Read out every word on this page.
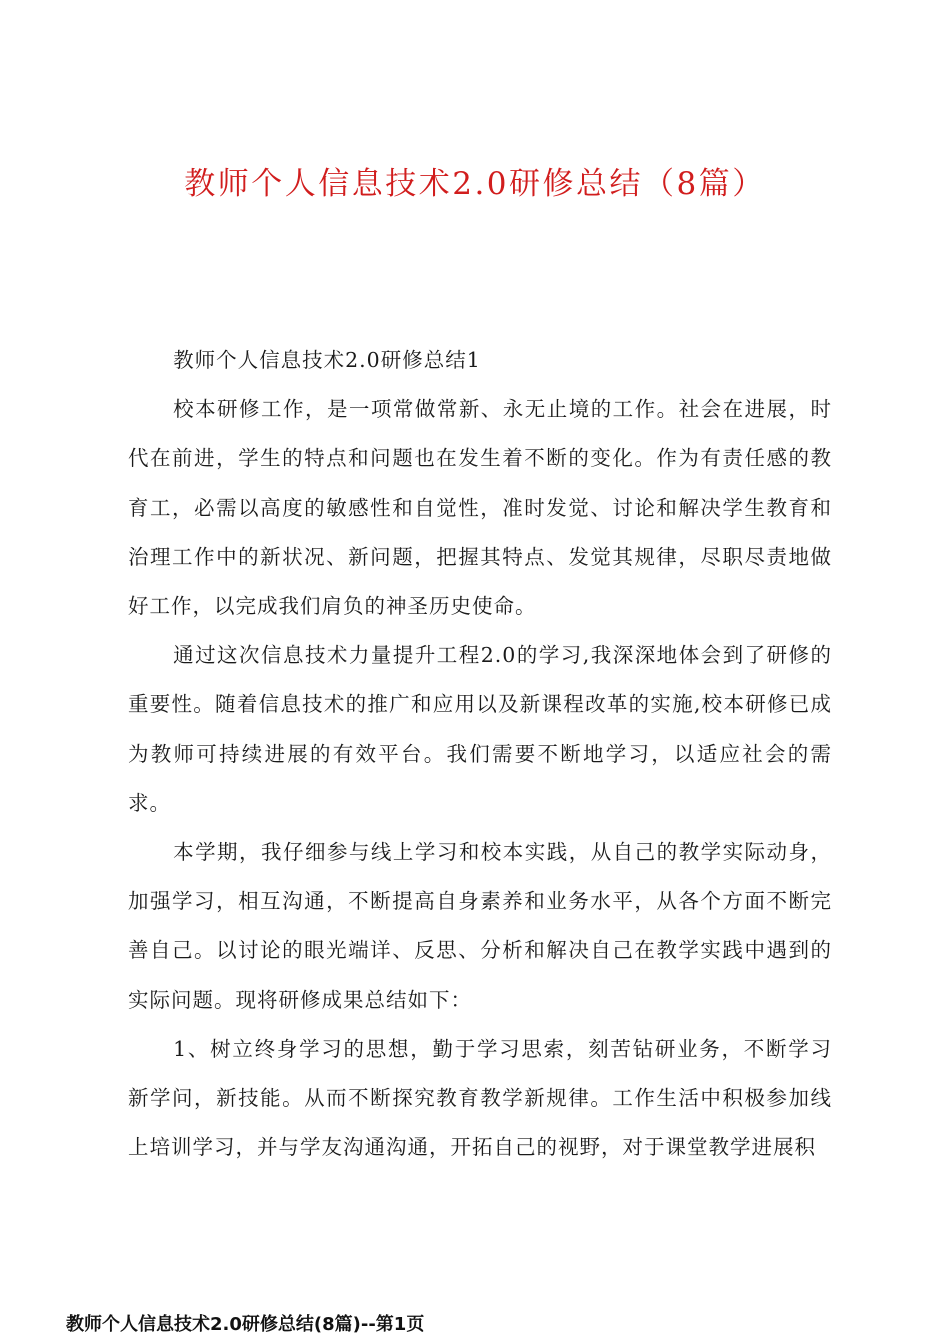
教师个人信息技术2.0研修总结（8篇）

教师个人信息技术2.0研修总结1

校本研修工作，是一项常做常新、永无止境的工作。社会在进展，时代在前进，学生的特点和问题也在发生着不断的变化。作为有责任感的教育工，必需以高度的敏感性和自觉性，准时发觉、讨论和解决学生教育和治理工作中的新状况、新问题，把握其特点、发觉其规律，尽职尽责地做好工作，以完成我们肩负的神圣历史使命。

通过这次信息技术力量提升工程2.0的学习,我深深地体会到了研修的重要性。随着信息技术的推广和应用以及新课程改革的实施,校本研修已成为教师可持续进展的有效平台。我们需要不断地学习，以适应社会的需求。

本学期，我仔细参与线上学习和校本实践，从自己的教学实际动身，加强学习，相互沟通，不断提高自身素养和业务水平，从各个方面不断完善自己。以讨论的眼光端详、反思、分析和解决自己在教学实践中遇到的实际问题。现将研修成果总结如下：

1、树立终身学习的思想，勤于学习思索，刻苦钻研业务，不断学习新学问，新技能。从而不断探究教育教学新规律。工作生活中积极参加线上培训学习，并与学友沟通沟通，开拓自己的视野，对于课堂教学进展积

教师个人信息技术2.0研修总结(8篇)--第1页
